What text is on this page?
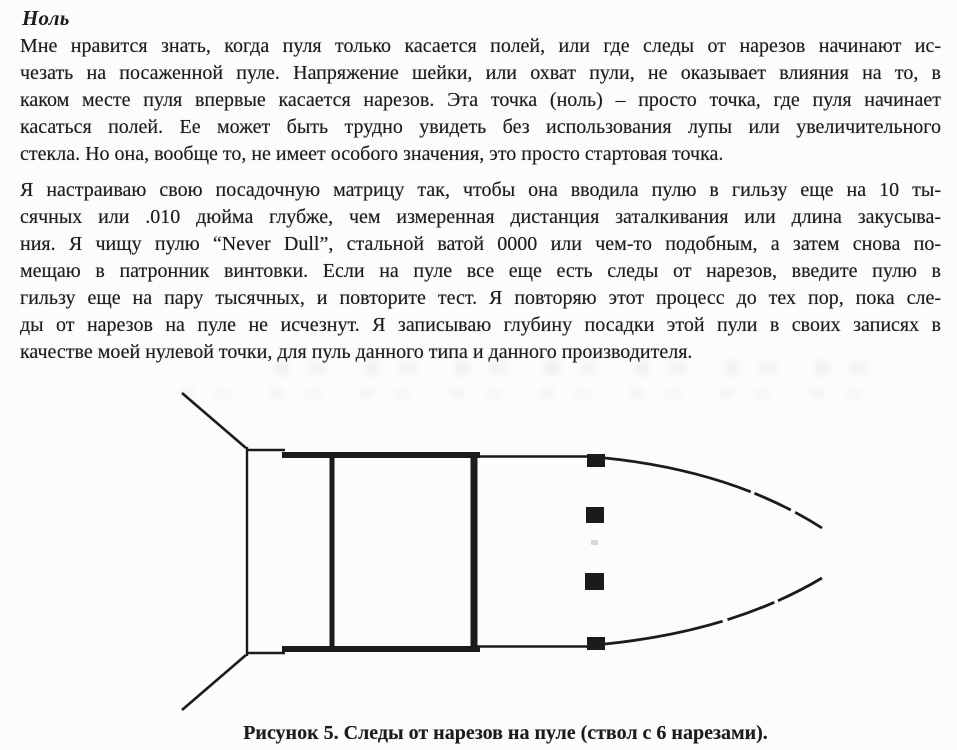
Ноль
Мне нравится знать, когда пуля только касается полей, или где следы от нарезов начинают ис-
чезать на посаженной пуле. Напряжение шейки, или охват пули, не оказывает влияния на то, в
каком месте пуля впервые касается нарезов. Эта точка (ноль) – просто точка, где пуля начинает
касаться полей. Ее может быть трудно увидеть без использования лупы или увеличительного
стекла. Но она, вообще то, не имеет особого значения, это просто стартовая точка.
Я настраиваю свою посадочную матрицу так, чтобы она вводила пулю в гильзу еще на 10 ты-
сячных или .010 дюйма глубже, чем измеренная дистанция заталкивания или длина закусыва-
ния. Я чищу пулю “Never Dull”, стальной ватой 0000 или чем-то подобным, а затем снова по-
мещаю в патронник винтовки. Если на пуле все еще есть следы от нарезов, введите пулю в
гильзу еще на пару тысячных, и повторите тест. Я повторяю этот процесс до тех пор, пока сле-
ды от нарезов на пуле не исчезнут. Я записываю глубину посадки этой пули в своих записях в
качестве моей нулевой точки, для пуль данного типа и данного производителя.
Рисунок 5. Следы от нарезов на пуле (ствол с 6 нарезами).
